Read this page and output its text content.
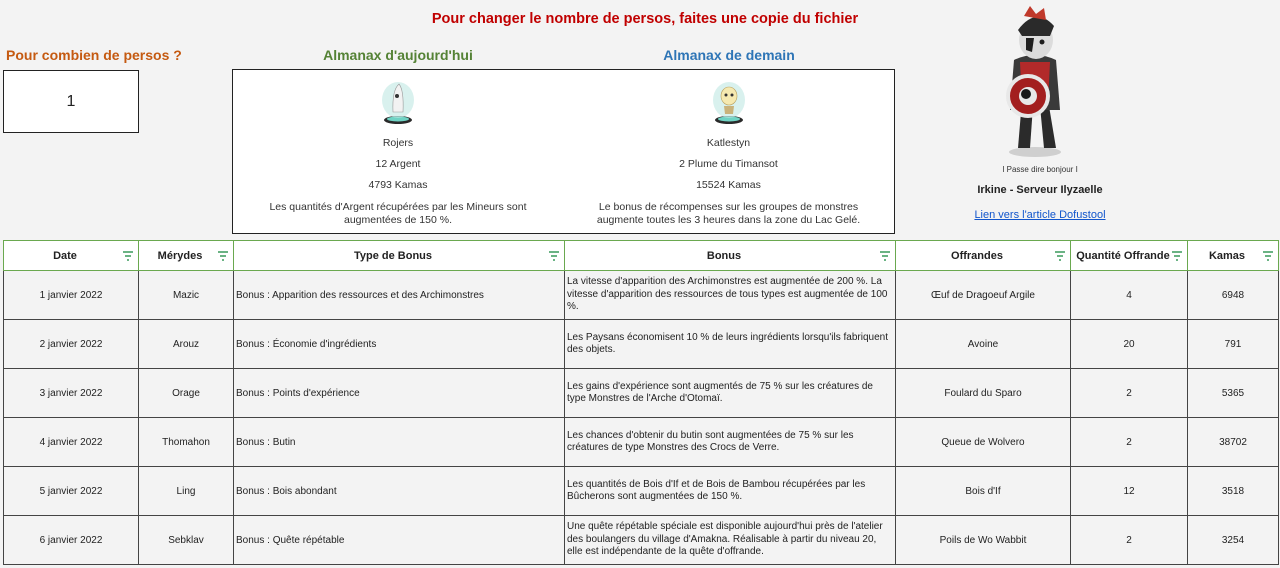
Pour changer le nombre de persos, faites une copie du fichier
Pour combien de persos ?
1
Almanax d'aujourd'hui	Almanax de demain
Rojers
12 Argent
4793 Kamas
Les quantités d'Argent récupérées par les Mineurs sont augmentées de 150 %.
Katlestyn
2 Plume du Timansot
15524 Kamas
Le bonus de récompenses sur les groupes de monstres augmente toutes les 3 heures dans la zone du Lac Gelé.
I Passe dire bonjour I
Irkine - Serveur Ilyzaelle
Lien vers l'article Dofustool
Date	Mérydes	Type de Bonus	Bonus	Offrandes	Quantité Offrande	Kamas

1 janvier 2022	Mazic	Bonus : Apparition des ressources et des Archimonstres	La vitesse d'apparition des Archimonstres est augmentée de 200 %. La vitesse d'apparition des ressources de tous types est augmentée de 100 %.	Œuf de Dragoeuf Argile	4	6948
2 janvier 2022	Arouz	Bonus : Économie d'ingrédients	Les Paysans économisent 10 % de leurs ingrédients lorsqu'ils fabriquent des objets.	Avoine	20	791
3 janvier 2022	Orage	Bonus : Points d'expérience	Les gains d'expérience sont augmentés de 75 % sur les créatures de type Monstres de l'Arche d'Otomaï.	Foulard du Sparo	2	5365
4 janvier 2022	Thomahon	Bonus : Butin	Les chances d'obtenir du butin sont augmentées de 75 % sur les créatures de type Monstres des Crocs de Verre.	Queue de Wolvero	2	38702
5 janvier 2022	Ling	Bonus : Bois abondant	Les quantités de Bois d'If et de Bois de Bambou récupérées par les Bûcherons sont augmentées de 150 %.	Bois d'If	12	3518
6 janvier 2022	Sebklav	Bonus : Quête répétable	Une quête répétable spéciale est disponible aujourd'hui près de l'atelier des boulangers du village d'Amakna. Réalisable à partir du niveau 20, elle est indépendante de la quête d'offrande.	Poils de Wo Wabbit	2	3254
